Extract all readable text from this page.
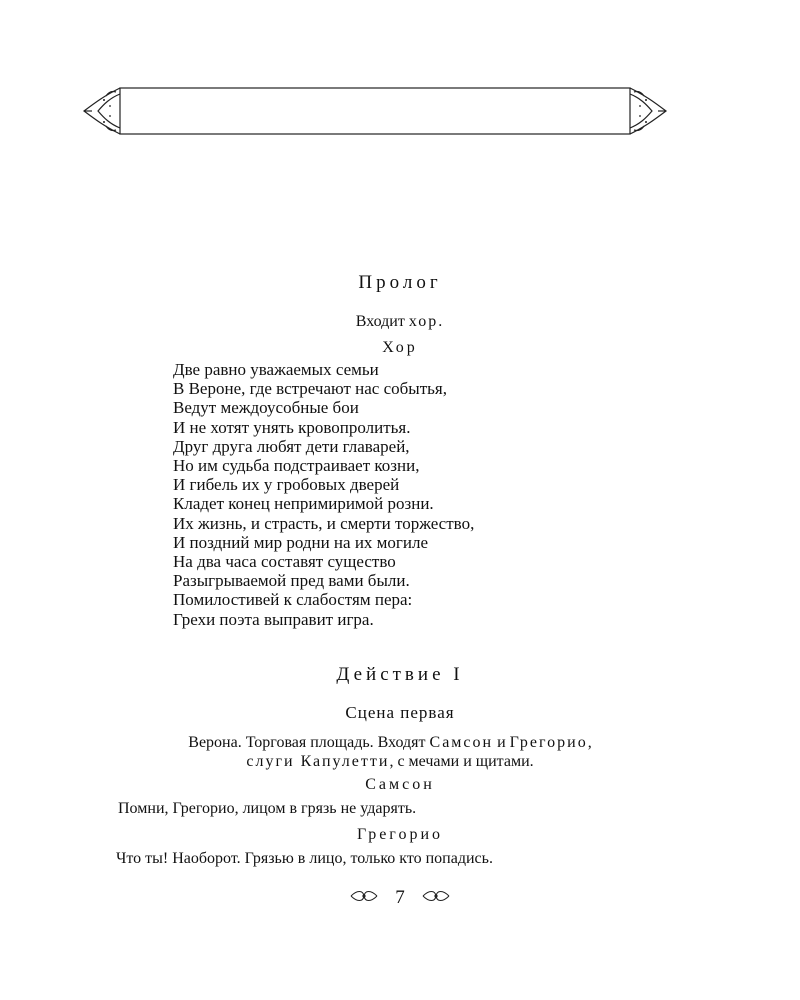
Пролог
Входит хор.
Хор
Две равно уважаемых семьи
В Вероне, где встречают нас событья,
Ведут междоусобные бои
И не хотят унять кровопролитья.
Друг друга любят дети главарей,
Но им судьба подстраивает козни,
И гибель их у гробовых дверей
Кладет конец непримиримой розни.
Их жизнь, и страсть, и смерти торжество,
И поздний мир родни на их могиле
На два часа составят существо
Разыгрываемой пред вами были.
Помилостивей к слабостям пера:
Грехи поэта выправит игра.
Действие I
Сцена первая
Верона. Торговая площадь. Входят Самсон и Грегорио,
слуги Капулетти, с мечами и щитами.
Самсон
Помни, Грегорио, лицом в грязь не ударять.
Грегорио
Что ты! Наоборот. Грязью в лицо, только кто попадись.
7
